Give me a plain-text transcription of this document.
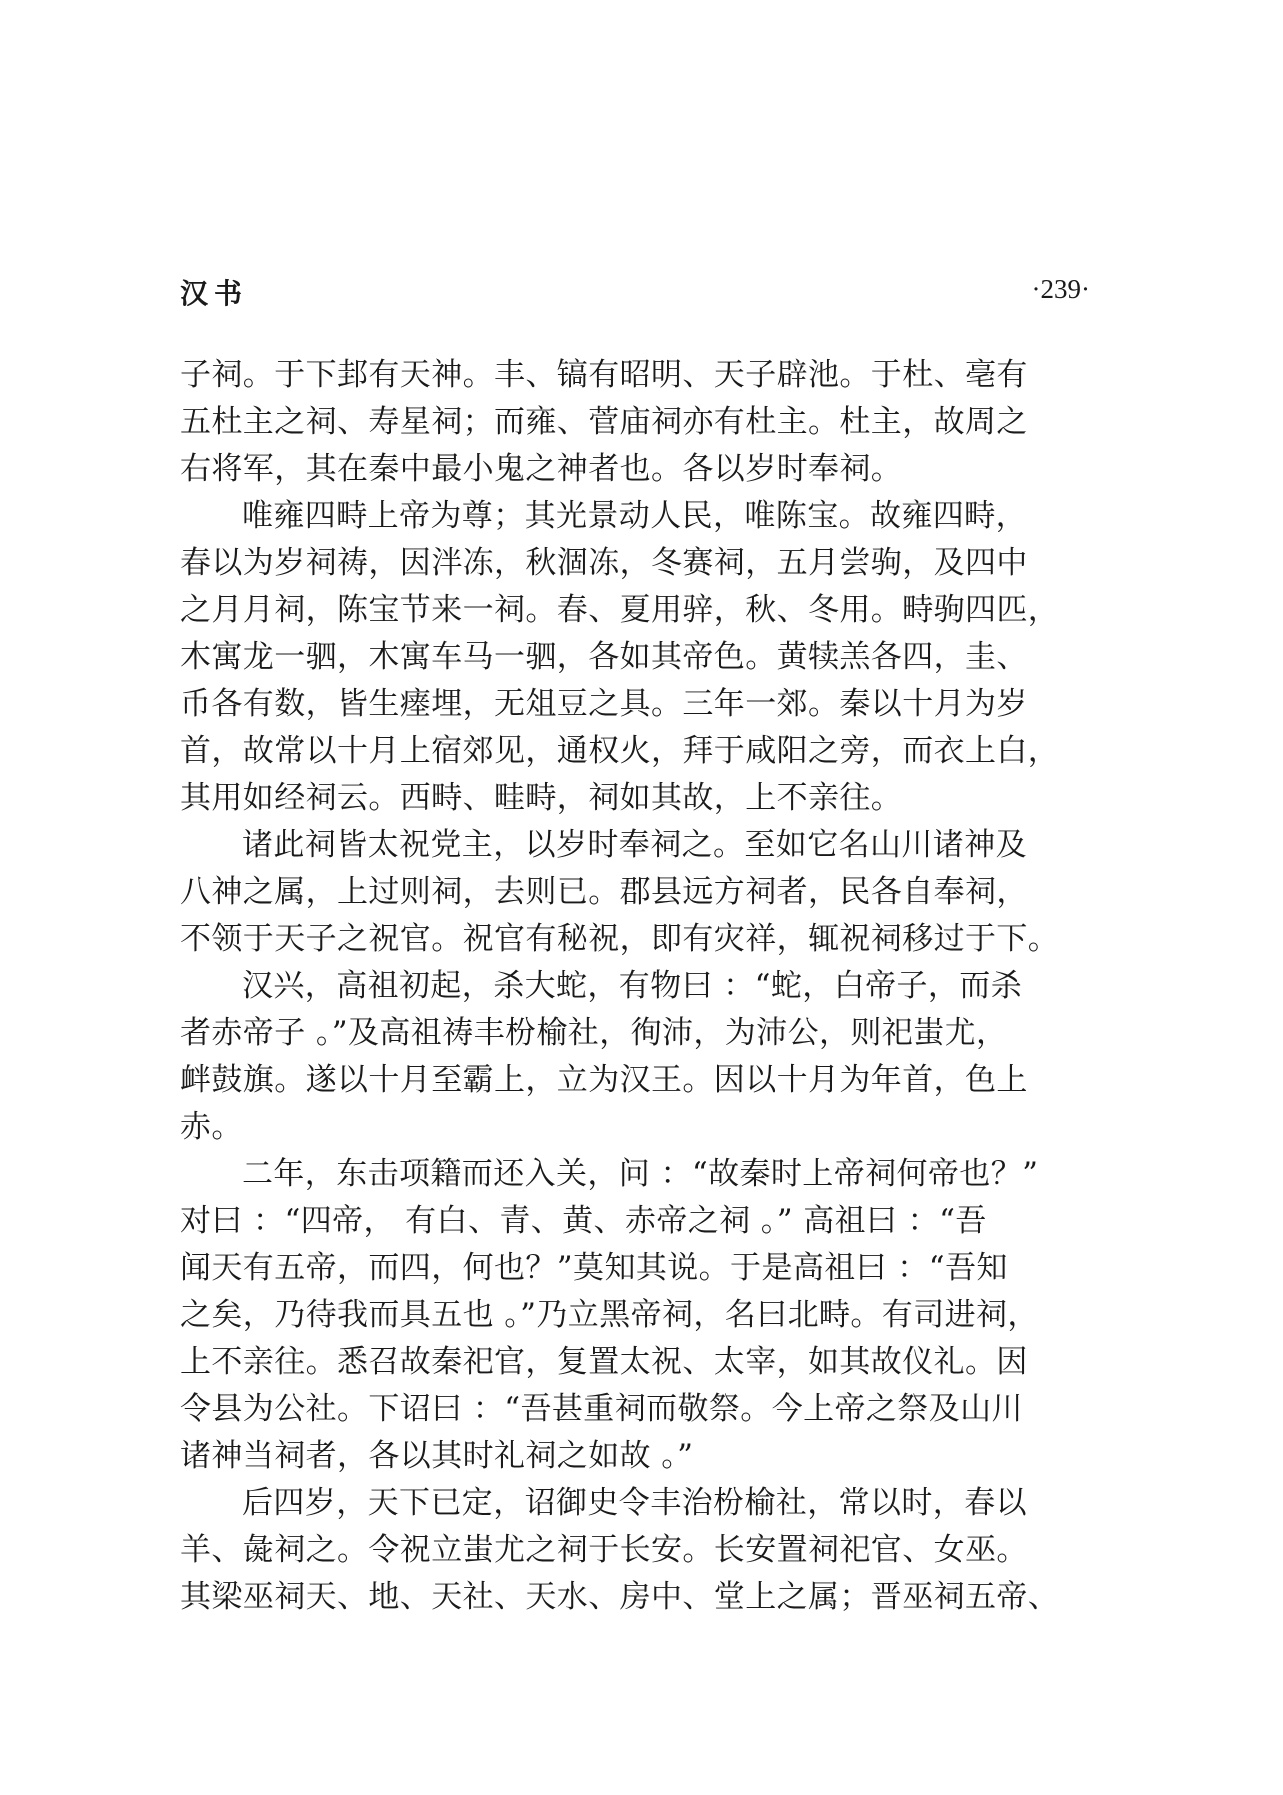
汉书	·239·
子祠。于下邽有天神。丰、镐有昭明、天子辟池。于杜、亳有
五杜主之祠、寿星祠；而雍、菅庙祠亦有杜主。杜主，故周之
右将军，其在秦中最小鬼之神者也。各以岁时奉祠。
唯雍四畤上帝为尊；其光景动人民，唯陈宝。故雍四畤，
春以为岁祠祷，因泮冻，秋涸冻，冬赛祠，五月尝驹，及四中
之月月祠，陈宝节来一祠。春、夏用骍，秋、冬用。畤驹四匹，
木寓龙一驷，木寓车马一驷，各如其帝色。黄犊羔各四，圭、
币各有数，皆生瘗埋，无俎豆之具。三年一郊。秦以十月为岁
首，故常以十月上宿郊见，通权火，拜于咸阳之旁，而衣上白，
其用如经祠云。西畤、畦畤，祠如其故，上不亲往。
诸此祠皆太祝党主，以岁时奉祠之。至如它名山川诸神及
八神之属，上过则祠，去则已。郡县远方祠者，民各自奉祠，
不领于天子之祝官。祝官有秘祝，即有灾祥，辄祝祠移过于下。
汉兴，高祖初起，杀大蛇，有物曰 ：“蛇，白帝子，而杀
者赤帝子 。”及高祖祷丰枌榆社，徇沛，为沛公，则祀蚩尤，
衅鼓旗。遂以十月至霸上，立为汉王。因以十月为年首，色上
赤。
二年，东击项籍而还入关，问 ：“故秦时上帝祠何帝也？”
对曰 ：“四帝， 有白、青、黄、赤帝之祠 。” 高祖曰 ：“吾
闻天有五帝，而四，何也？”莫知其说。于是高祖曰 ：“吾知
之矣，乃待我而具五也 。”乃立黑帝祠，名曰北畤。有司进祠，
上不亲往。悉召故秦祀官，复置太祝、太宰，如其故仪礼。因
令县为公社。下诏曰 ：“吾甚重祠而敬祭。今上帝之祭及山川
诸神当祠者，各以其时礼祠之如故 。”
后四岁，天下已定，诏御史令丰治枌榆社，常以时，春以
羊、彘祠之。令祝立蚩尤之祠于长安。长安置祠祀官、女巫。
其梁巫祠天、地、天社、天水、房中、堂上之属；晋巫祠五帝、
